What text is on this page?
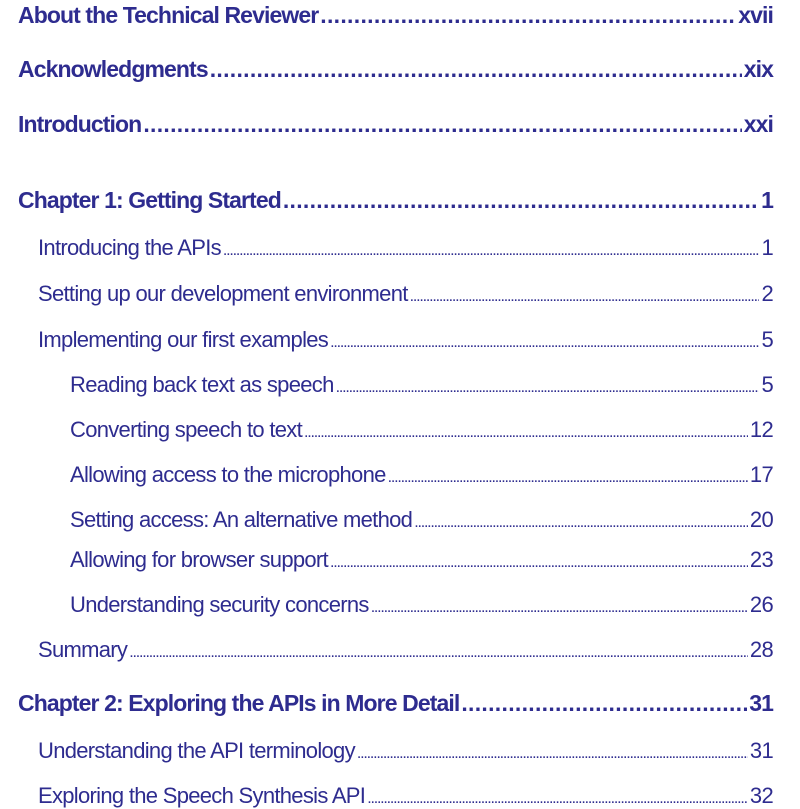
About the Technical Reviewer .....	xvii
Acknowledgments .....	xix
Introduction .....	xxi
Chapter 1: Getting Started .....	1
Introducing the APIs .....	1
Setting up our development environment .....	2
Implementing our first examples .....	5
Reading back text as speech .....	5
Converting speech to text .....	12
Allowing access to the microphone .....	17
Setting access: An alternative method .....	20
Allowing for browser support .....	23
Understanding security concerns .....	26
Summary .....	28
Chapter 2: Exploring the APIs in More Detail .....	31
Understanding the API terminology .....	31
Exploring the Speech Synthesis API .....	32
